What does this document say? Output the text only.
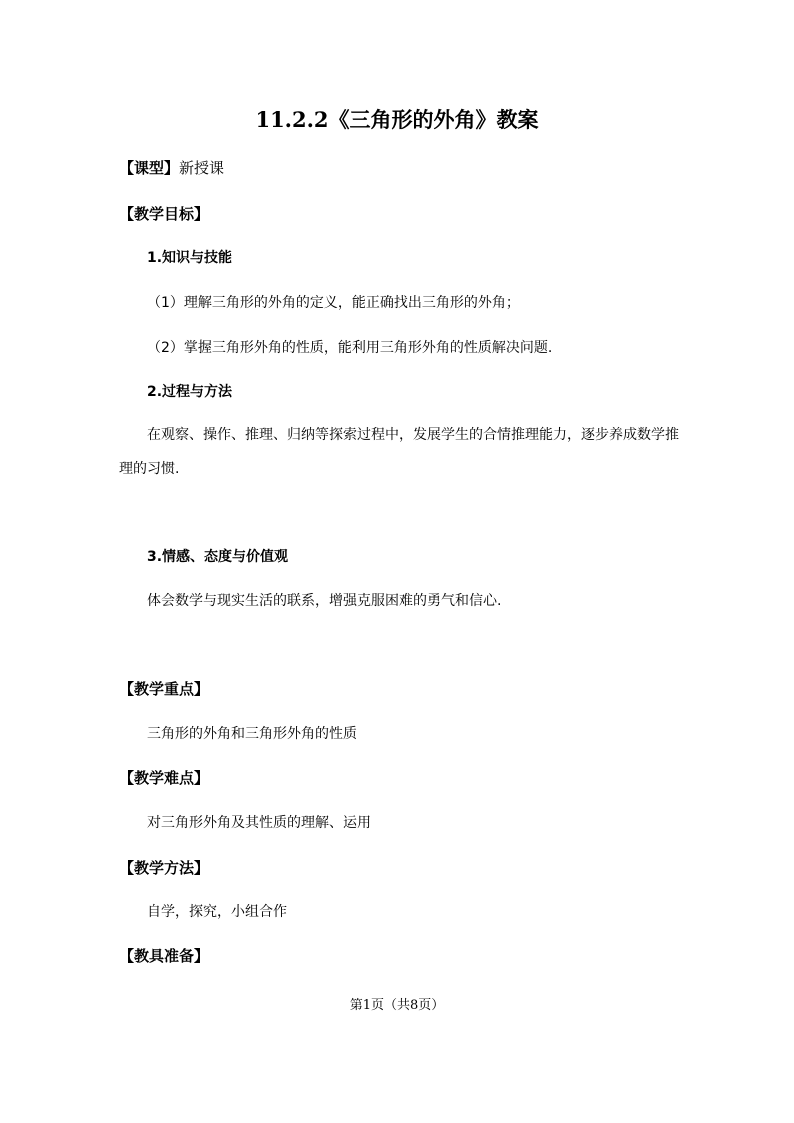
11.2.2《三角形的外角》教案
【课型】新授课
【教学目标】
1.知识与技能
（1）理解三角形的外角的定义，能正确找出三角形的外角；
（2）掌握三角形外角的性质，能利用三角形外角的性质解决问题.
2.过程与方法
在观察、操作、推理、归纳等探索过程中，发展学生的合情推理能力，逐步养成数学推理的习惯.
3.情感、态度与价值观
体会数学与现实生活的联系，增强克服困难的勇气和信心.
【教学重点】
三角形的外角和三角形外角的性质
【教学难点】
对三角形外角及其性质的理解、运用
【教学方法】
自学，探究，小组合作
【教具准备】
第1页（共8页）
